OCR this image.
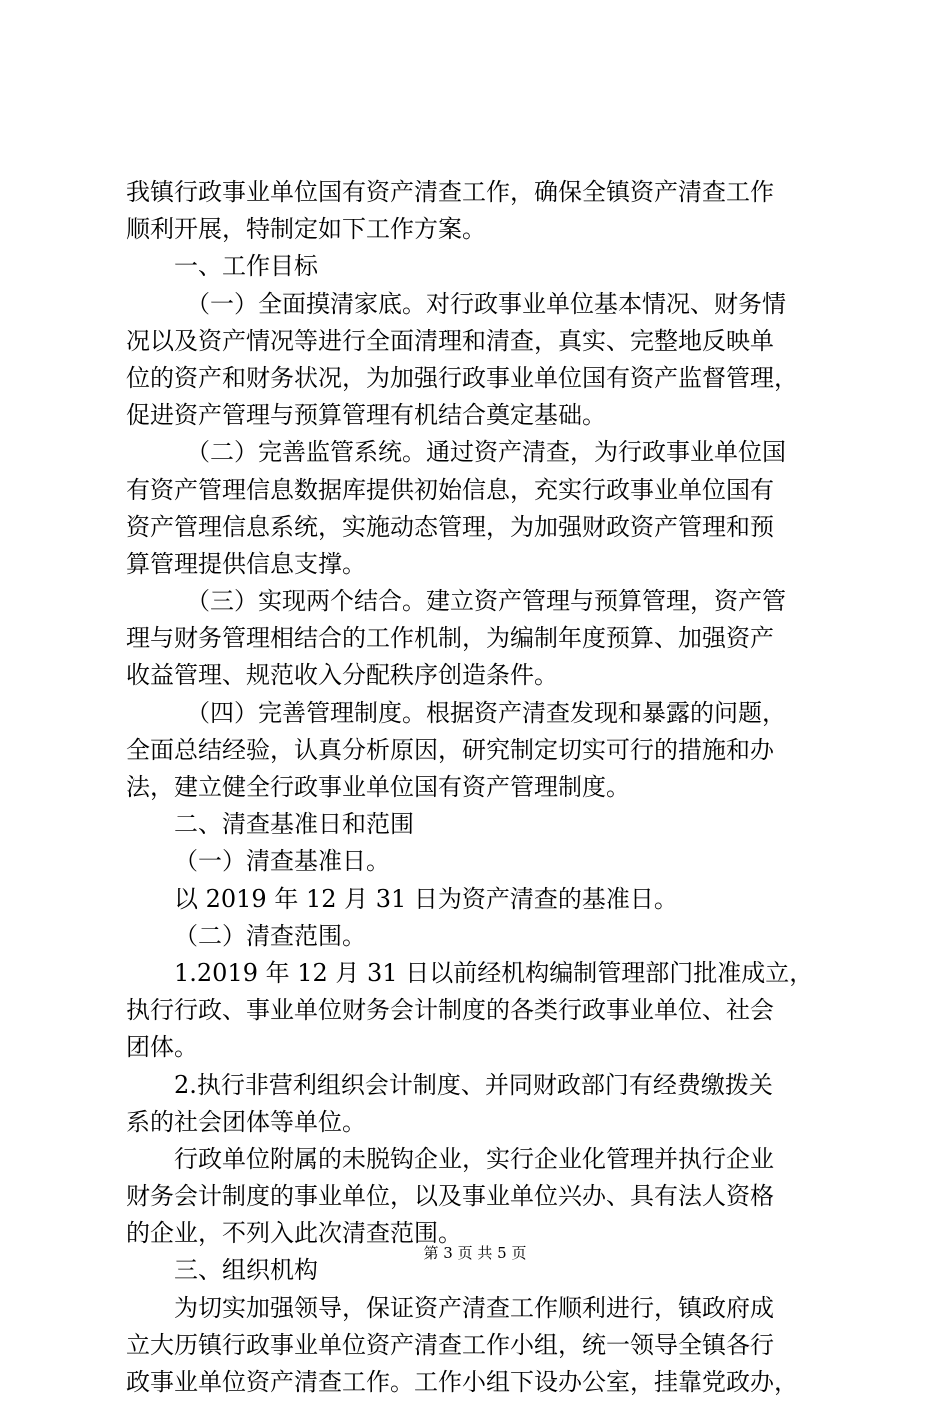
我镇行政事业单位国有资产清查工作，确保全镇资产清查工作
顺利开展，特制定如下工作方案。
一、工作目标
（一）全面摸清家底。对行政事业单位基本情况、财务情
况以及资产情况等进行全面清理和清查，真实、完整地反映单
位的资产和财务状况，为加强行政事业单位国有资产监督管理，
促进资产管理与预算管理有机结合奠定基础。
（二）完善监管系统。通过资产清查，为行政事业单位国
有资产管理信息数据库提供初始信息，充实行政事业单位国有
资产管理信息系统，实施动态管理，为加强财政资产管理和预
算管理提供信息支撑。
（三）实现两个结合。建立资产管理与预算管理，资产管
理与财务管理相结合的工作机制，为编制年度预算、加强资产
收益管理、规范收入分配秩序创造条件。
（四）完善管理制度。根据资产清查发现和暴露的问题，
全面总结经验，认真分析原因，研究制定切实可行的措施和办
法，建立健全行政事业单位国有资产管理制度。
二、清查基准日和范围
（一）清查基准日。
以 2019 年 12 月 31 日为资产清查的基准日。
（二）清查范围。
1.2019 年 12 月 31 日以前经机构编制管理部门批准成立，
执行行政、事业单位财务会计制度的各类行政事业单位、社会
团体。
2.执行非营利组织会计制度、并同财政部门有经费缴拨关
系的社会团体等单位。
行政单位附属的未脱钩企业，实行企业化管理并执行企业
财务会计制度的事业单位，以及事业单位兴办、具有法人资格
的企业，不列入此次清查范围。
三、组织机构
为切实加强领导，保证资产清查工作顺利进行，镇政府成
立大历镇行政事业单位资产清查工作小组，统一领导全镇各行
政事业单位资产清查工作。工作小组下设办公室，挂靠党政办，
第 3 页 共 5 页
